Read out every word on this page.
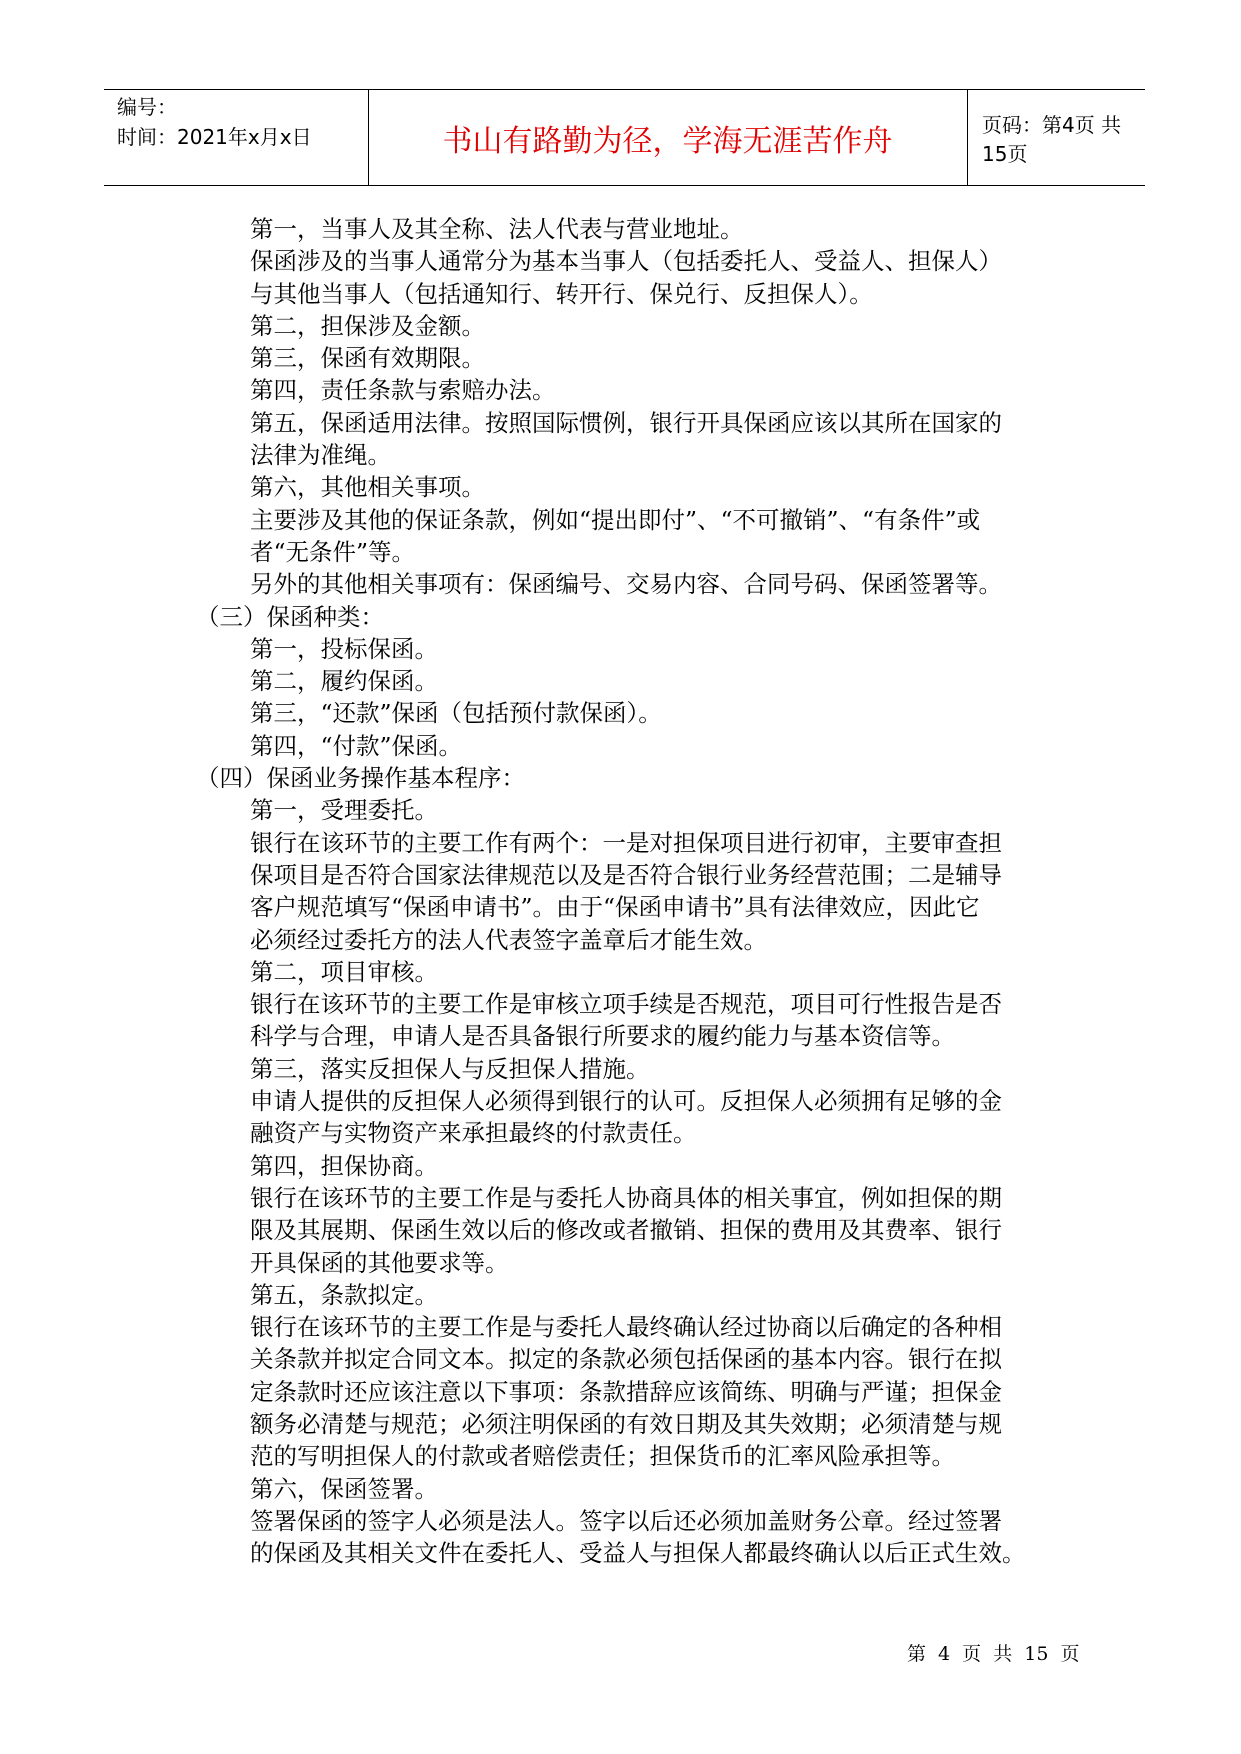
编号：
时间：2021年x月x日	书山有路勤为径，学海无涯苦作舟	页码：第4页 共15页

第一，当事人及其全称、法人代表与营业地址。

保函涉及的当事人通常分为基本当事人（包括委托人、受益人、担保人）

与其他当事人（包括通知行、转开行、保兑行、反担保人）。

第二，担保涉及金额。

第三，保函有效期限。

第四，责任条款与索赔办法。

第五，保函适用法律。按照国际惯例，银行开具保函应该以其所在国家的

法律为准绳。

第六，其他相关事项。

主要涉及其他的保证条款，例如“提出即付”、“不可撤销”、“有条件”或

者“无条件”等。

另外的其他相关事项有：保函编号、交易内容、合同号码、保函签署等。

（三）保函种类：

第一，投标保函。

第二，履约保函。

第三，“还款”保函（包括预付款保函）。

第四，“付款”保函。

（四）保函业务操作基本程序：

第一，受理委托。

银行在该环节的主要工作有两个：一是对担保项目进行初审，主要审查担

保项目是否符合国家法律规范以及是否符合银行业务经营范围；二是辅导

客户规范填写“保函申请书”。由于“保函申请书”具有法律效应，因此它

必须经过委托方的法人代表签字盖章后才能生效。

第二，项目审核。

银行在该环节的主要工作是审核立项手续是否规范，项目可行性报告是否

科学与合理，申请人是否具备银行所要求的履约能力与基本资信等。

第三，落实反担保人与反担保人措施。

申请人提供的反担保人必须得到银行的认可。反担保人必须拥有足够的金

融资产与实物资产来承担最终的付款责任。

第四，担保协商。

银行在该环节的主要工作是与委托人协商具体的相关事宜，例如担保的期

限及其展期、保函生效以后的修改或者撤销、担保的费用及其费率、银行

开具保函的其他要求等。

第五，条款拟定。

银行在该环节的主要工作是与委托人最终确认经过协商以后确定的各种相

关条款并拟定合同文本。拟定的条款必须包括保函的基本内容。银行在拟

定条款时还应该注意以下事项：条款措辞应该简练、明确与严谨；担保金

额务必清楚与规范；必须注明保函的有效日期及其失效期；必须清楚与规

范的写明担保人的付款或者赔偿责任；担保货币的汇率风险承担等。

第六，保函签署。

签署保函的签字人必须是法人。签字以后还必须加盖财务公章。经过签署

的保函及其相关文件在委托人、受益人与担保人都最终确认以后正式生效。

第 4 页 共 15 页
